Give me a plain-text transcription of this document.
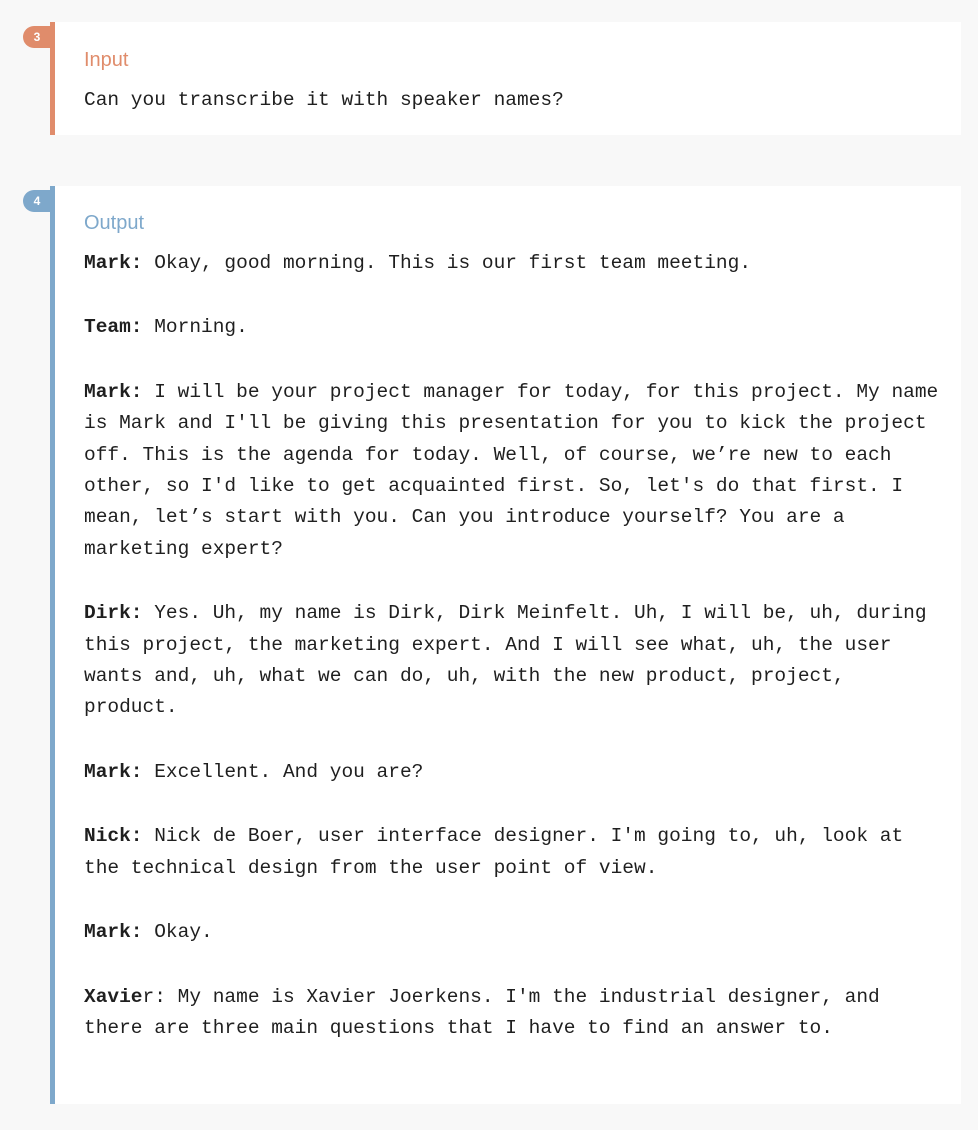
3
Input
Can you transcribe it with speaker names?
4
Output

Mark: Okay, good morning. This is our first team meeting.

Team: Morning.

Mark: I will be your project manager for today, for this project. My name is Mark and I'll be giving this presentation for you to kick the project off. This is the agenda for today. Well, of course, we’re new to each other, so I'd like to get acquainted first. So, let's do that first. I mean, let’s start with you. Can you introduce yourself? You are a marketing expert?

Dirk: Yes. Uh, my name is Dirk, Dirk Meinfelt. Uh, I will be, uh, during this project, the marketing expert. And I will see what, uh, the user wants and, uh, what we can do, uh, with the new product, project, product.

Mark: Excellent. And you are?

Nick: Nick de Boer, user interface designer. I'm going to, uh, look at the technical design from the user point of view.

Mark: Okay.

Xavier: My name is Xavier Joerkens. I'm the industrial designer, and there are three main questions that I have to find an answer to.
